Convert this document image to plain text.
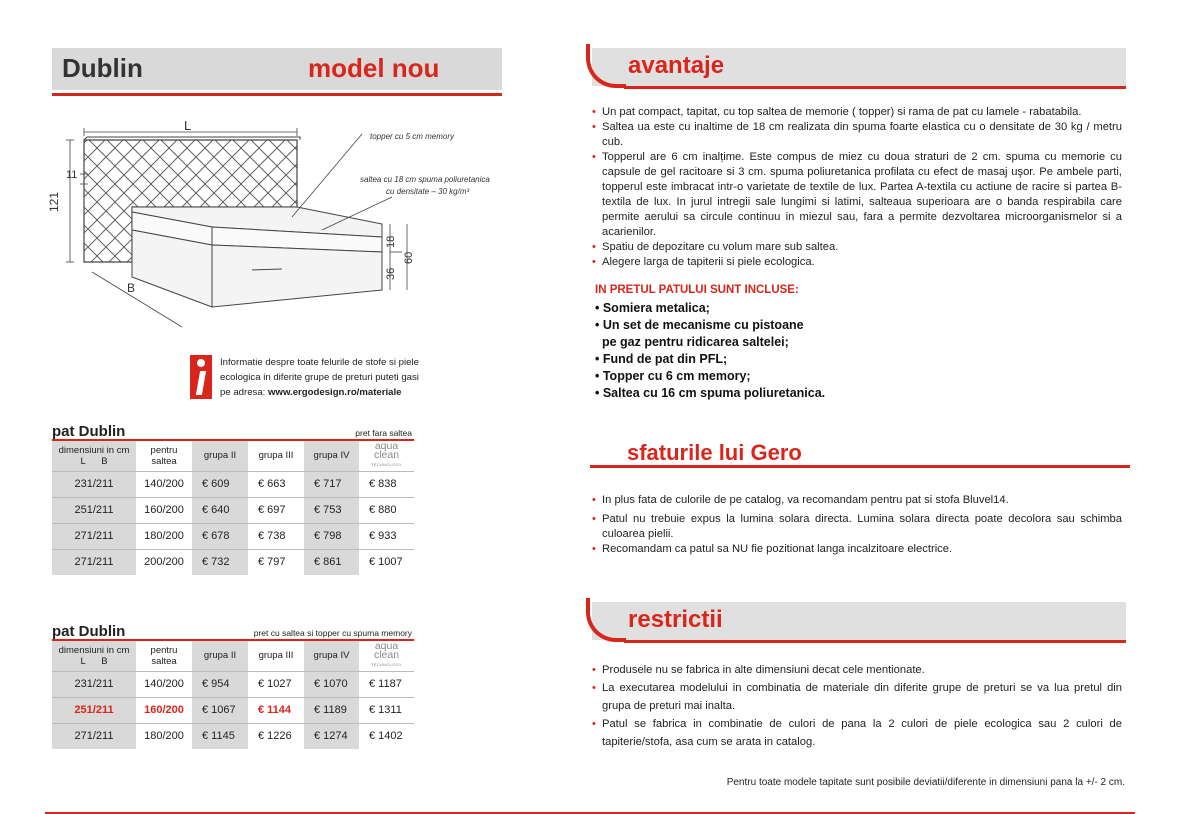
Dublin	model nou
L
121
11
B
18
36
60
topper cu 5 cm memory
saltea cu 18 cm spuma poliuretanica
cu densitate – 30 kg/m³
Informatie despre toate felurile de stofe si piele ecologica in diferite grupe de preturi puteti gasi pe adresa: www.ergodesign.ro/materiale
pat Dublin	pret fara saltea
dimensiuni in cm
L      B	pentru
saltea	grupa II	grupa III	grupa IV	aqua
clean
TECHNOLOGY
231/211	140/200	€ 609	€ 663	€ 717	€ 838
251/211	160/200	€ 640	€ 697	€ 753	€ 880
271/211	180/200	€ 678	€ 738	€ 798	€ 933
271/211	200/200	€ 732	€ 797	€ 861	€ 1007
pat Dublin	pret cu saltea si topper cu spuma memory
dimensiuni in cm
L      B	pentru
saltea	grupa II	grupa III	grupa IV	aqua
clean
TECHNOLOGY
231/211	140/200	€ 954	€ 1027	€ 1070	€ 1187
251/211	160/200	€ 1067	€ 1144	€ 1189	€ 1311
271/211	180/200	€ 1145	€ 1226	€ 1274	€ 1402
avantaje
• Un pat compact, tapitat, cu top saltea de memorie ( topper) si rama de pat cu lamele - rabatabila.
• Saltea ua este cu inaltime de 18 cm realizata din spuma foarte elastica cu o densitate de 30 kg / metru cub.
• Topperul are 6 cm inalțime. Este compus de miez cu doua straturi de 2 cm. spuma cu memorie cu capsule de gel racitoare si 3 cm. spuma poliuretanica profilata cu efect de masaj uşor. Pe ambele parti, topperul este imbracat intr-o varietate de textile de lux. Partea A-textila cu actiune de racire si partea B-textila de lux. In jurul intregii sale lungimi si latimi, salteaua superioara are o banda respirabila care permite aerului sa circule continuu in miezul sau, fara a permite dezvoltarea microorganismelor si a acarienilor.
• Spatiu de depozitare cu volum mare sub saltea.
• Alegere larga de tapiterii si piele ecologica.
IN PRETUL PATULUI SUNT INCLUSE:
• Somiera metalica;
• Un set de mecanisme cu pistoane
pe gaz pentru ridicarea saltelei;
• Fund de pat din PFL;
• Topper cu 6 cm memory;
• Saltea cu 16 cm spuma poliuretanica.
sfaturile lui Gero
• In plus fata de culorile de pe catalog, va recomandam pentru pat si stofa Bluvel14.
• Patul nu trebuie expus la lumina solara directa. Lumina solara directa poate decolora sau schimba culoarea pielii.
• Recomandam ca patul sa NU fie pozitionat langa incalzitoare electrice.
restrictii
• Produsele nu se fabrica in alte dimensiuni decat cele mentionate.
• La executarea modelului in combinatia de materiale din diferite grupe de preturi se va lua pretul din grupa de preturi mai inalta.
• Patul se fabrica in combinatie de culori de pana la 2 culori de piele ecologica sau 2 culori de tapiterie/stofa, asa cum se arata in catalog.
Pentru toate modele tapitate sunt posibile deviatii/diferente in dimensiuni pana la +/- 2 cm.
